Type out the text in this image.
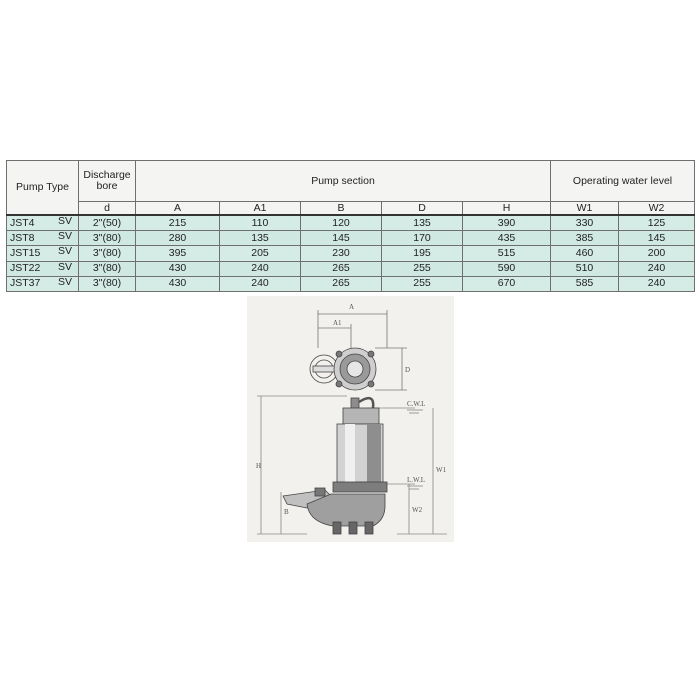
Pump Type	Discharge bore	Pump section					Operating water level	
	d	A	A1	B	D	H	W1	W2
JST4 SV	2"(50)	215	110	120	135	390	330	125
JST8 SV	3"(80)	280	135	145	170	435	385	145
JST15 SV	3"(80)	395	205	230	195	515	460	200
JST22 SV	3"(80)	430	240	265	255	590	510	240
JST37 SV	3"(80)	430	240	265	255	670	585	240
A
A1
D
H
B
W1
W2
C.W.L
L.W.L
